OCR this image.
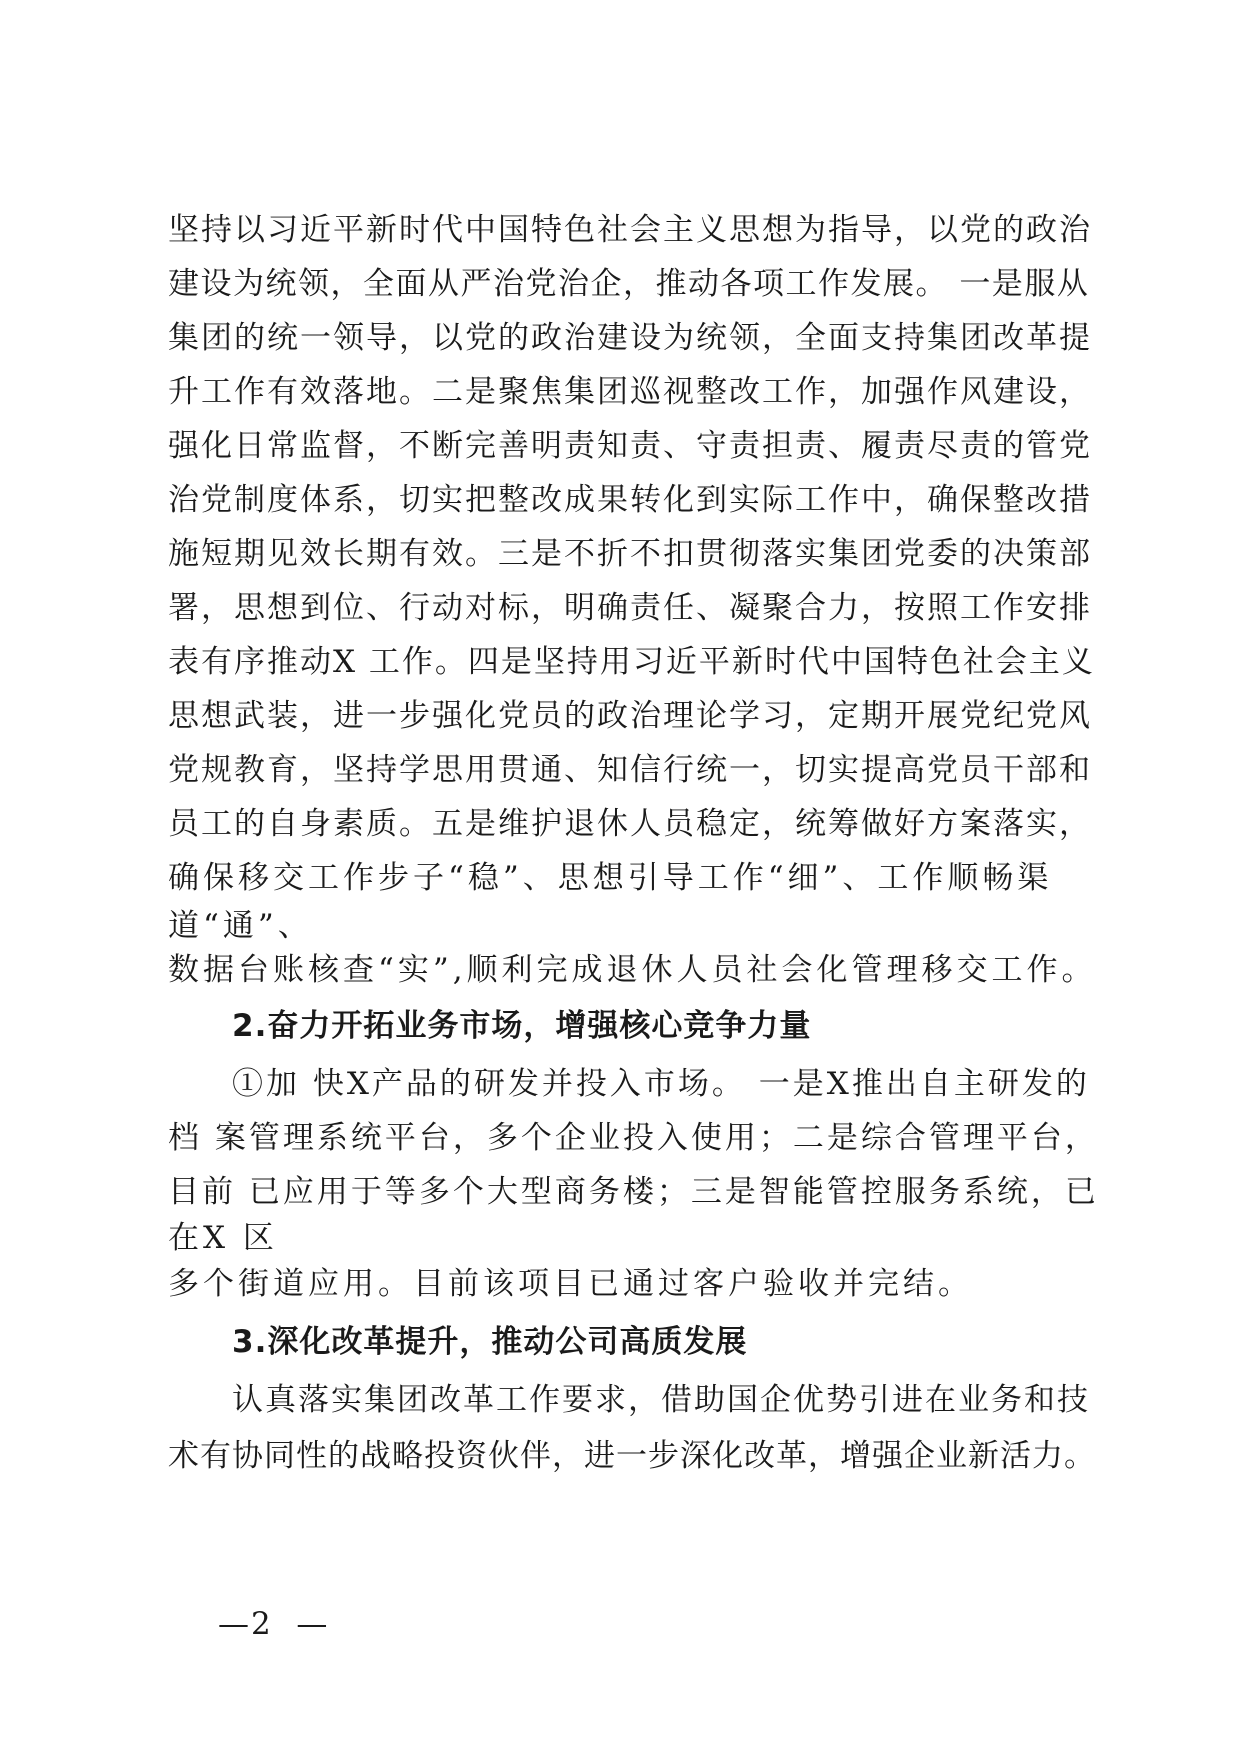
坚持以习近平新时代中国特色社会主义思想为指导，以党的政治
建设为统领，全面从严治党治企，推动各项工作发展。 一是服从
集团的统一领导，以党的政治建设为统领，全面支持集团改革提
升工作有效落地。二是聚焦集团巡视整改工作，加强作风建设，
强化日常监督，不断完善明责知责、守责担责、履责尽责的管党
治党制度体系，切实把整改成果转化到实际工作中，确保整改措
施短期见效长期有效。三是不折不扣贯彻落实集团党委的决策部
署，思想到位、行动对标，明确责任、凝聚合力，按照工作安排
表有序推动X 工作。四是坚持用习近平新时代中国特色社会主义
思想武装，进一步强化党员的政治理论学习，定期开展党纪党风
党规教育，坚持学思用贯通、知信行统一，切实提高党员干部和
员工的自身素质。五是维护退休人员稳定，统筹做好方案落实，
确保移交工作步子“稳”、思想引导工作“细”、工作顺畅渠
道“通”、
数据台账核查“实”,顺利完成退休人员社会化管理移交工作。
2.奋力开拓业务市场，增强核心竞争力量
①加 快X产品的研发并投入市场。 一是X推出自主研发的
档 案管理系统平台，多个企业投入使用；二是综合管理平台，
目前 已应用于等多个大型商务楼；三是智能管控服务系统，已
在X 区
多个街道应用。目前该项目已通过客户验收并完结。
3.深化改革提升，推动公司高质发展
认真落实集团改革工作要求，借助国企优势引进在业务和技
术有协同性的战略投资伙伴，进一步深化改革，增强企业新活力。
—2  —
